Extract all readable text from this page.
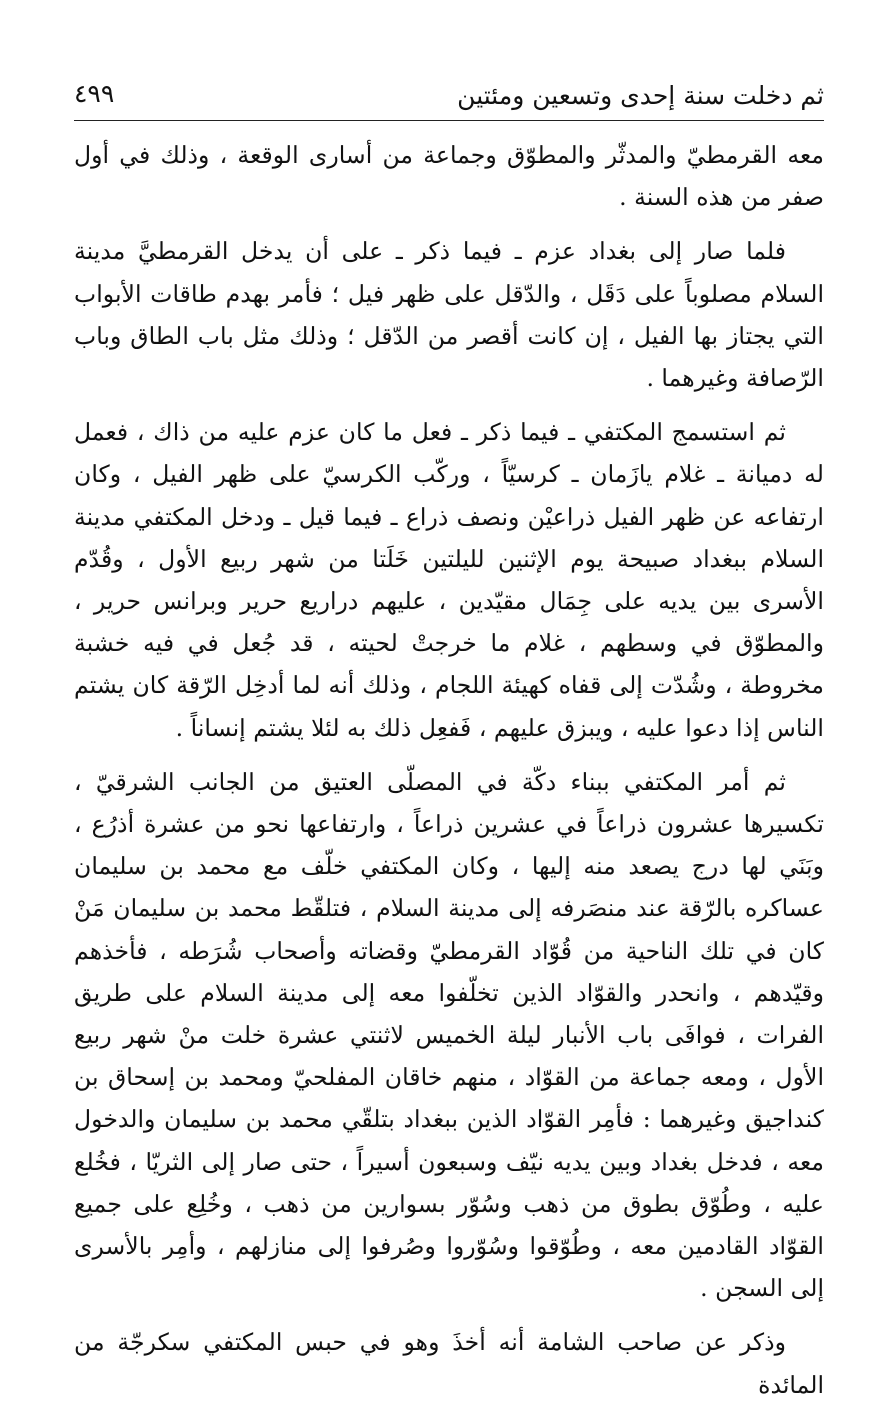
ثم دخلت سنة إحدى وتسعين ومئتين
٤٩٩

معه القرمطيّ والمدثّر والمطوّق وجماعة من أسارى الوقعة ، وذلك في أول صفر من هذه السنة .

فلما صار إلى بغداد عزم ـ فيما ذكر ـ على أن يدخل القرمطيَّ مدينة السلام مصلوباً على دَقَل ، والدّقل على ظهر فيل ؛ فأمر بهدم طاقات الأبواب التي يجتاز بها الفيل ، إن كانت أقصر من الدّقل ؛ وذلك مثل باب الطاق وباب الرّصافة وغيرهما .

ثم استسمج المكتفي ـ فيما ذكر ـ فعل ما كان عزم عليه من ذاك ، فعمل له دميانة ـ غلام يازَمان ـ كرسيّاً ، وركّب الكرسيّ على ظهر الفيل ، وكان ارتفاعه عن ظهر الفيل ذراعيْن ونصف ذراع ـ فيما قيل ـ ودخل المكتفي مدينة السلام ببغداد صبيحة يوم الإثنين لليلتين خَلَتا من شهر ربيع الأول ، وقُدّم الأسرى بين يديه على جِمَال مقيّدين ، عليهم دراريع حرير وبرانس حرير ، والمطوّق في وسطهم ، غلام ما خرجتْ لحيته ، قد جُعل في فيه خشبة مخروطة ، وشُدّت إلى قفاه كهيئة اللجام ، وذلك أنه لما أدخِل الرّقة كان يشتم الناس إذا دعوا عليه ، ويبزق عليهم ، فَفعِل ذلك به لئلا يشتم إنساناً .

ثم أمر المكتفي ببناء دكّة في المصلّى العتيق من الجانب الشرقيّ ، تكسيرها عشرون ذراعاً في عشرين ذراعاً ، وارتفاعها نحو من عشرة أذرُع ، وبَنَي لها درج يصعد منه إليها ، وكان المكتفي خلّف مع محمد بن سليمان عساكره بالرّقة عند منصَرفه إلى مدينة السلام ، فتلقّط محمد بن سليمان مَنْ كان في تلك الناحية من قُوّاد القرمطيّ وقضاته وأصحاب شُرَطه ، فأخذهم وقيّدهم ، وانحدر والقوّاد الذين تخلّفوا معه إلى مدينة السلام على طريق الفرات ، فوافَى باب الأنبار ليلة الخميس لاثنتي عشرة خلت منْ شهر ربيع الأول ، ومعه جماعة من القوّاد ، منهم خاقان المفلحيّ ومحمد بن إسحاق بن كنداجيق وغيرهما : فأمِر القوّاد الذين ببغداد بتلقّي محمد بن سليمان والدخول معه ، فدخل بغداد وبين يديه نيّف وسبعون أسيراً ، حتى صار إلى الثريّا ، فخُلع عليه ، وطُوّق بطوق من ذهب وسُوّر بسوارين من ذهب ، وخُلِع على جميع القوّاد القادمين معه ، وطُوّقوا وسُوّروا وصُرفوا إلى منازلهم ، وأمِر بالأسرى إلى السجن .

وذكر عن صاحب الشامة أنه أخذَ وهو في حبس المكتفي سكرجّة من المائدة
